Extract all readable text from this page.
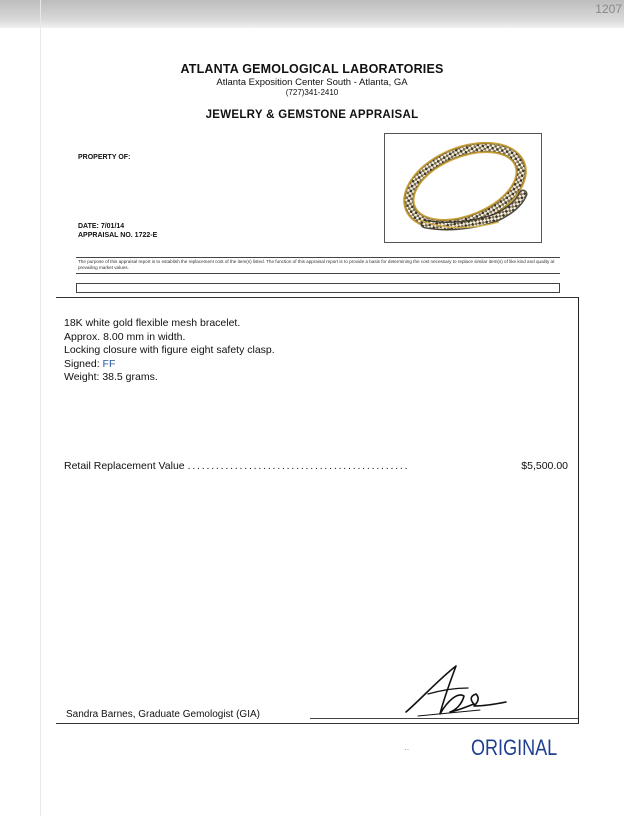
1207
ATLANTA GEMOLOGICAL LABORATORIES
Atlanta Exposition Center South - Atlanta, GA
(727)341-2410
JEWELRY & GEMSTONE APPRAISAL
PROPERTY OF:
DATE: 7/01/14
APPRAISAL NO. 1722-E
The purpose of this appraisal report is to establish the replacement cost of the item(s) listed. The function of this appraisal report is to provide a basis for determining the cost necessary to replace similar item(s) of like kind and quality at prevailing market values.
18K white gold flexible mesh bracelet.
Approx. 8.00 mm in width.
Locking closure with figure eight safety clasp.
Signed: FF
Weight: 38.5 grams.
Retail Replacement Value ...............................................	$5,500.00
Sandra Barnes, Graduate Gemologist (GIA)
··	ORIGINAL
